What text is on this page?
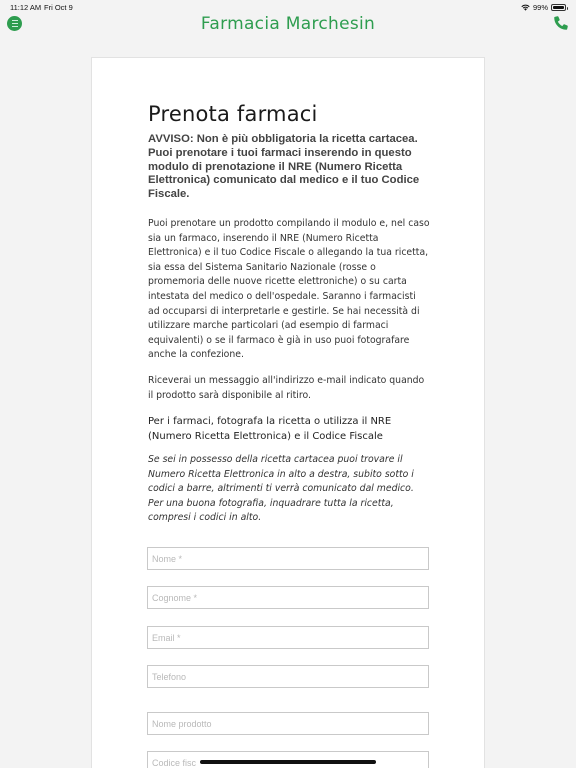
11:12 AM Fri Oct 9	99%
Farmacia Marchesin
Prenota farmaci

AVVISO: Non è più obbligatoria la ricetta cartacea. Puoi prenotare i tuoi farmaci inserendo in questo modulo di prenotazione il NRE (Numero Ricetta Elettronica) comunicato dal medico e il tuo Codice Fiscale.

Puoi prenotare un prodotto compilando il modulo e, nel caso sia un farmaco, inserendo il NRE (Numero Ricetta Elettronica) e il tuo Codice Fiscale o allegando la tua ricetta, sia essa del Sistema Sanitario Nazionale (rosse o promemoria delle nuove ricette elettroniche) o su carta intestata del medico o dell'ospedale. Saranno i farmacisti ad occuparsi di interpretarle e gestirle. Se hai necessità di utilizzare marche particolari (ad esempio di farmaci equivalenti) o se il farmaco è già in uso puoi fotografare anche la confezione.

Riceverai un messaggio all'indirizzo e-mail indicato quando il prodotto sarà disponibile al ritiro.

Per i farmaci, fotografa la ricetta o utilizza il NRE (Numero Ricetta Elettronica) e il Codice Fiscale

Se sei in possesso della ricetta cartacea puoi trovare il Numero Ricetta Elettronica in alto a destra, subito sotto i codici a barre, altrimenti ti verrà comunicato dal medico. Per una buona fotografia, inquadrare tutta la ricetta, compresi i codici in alto.

Nome *
Cognome *
Email *
Telefono
Nome prodotto
Codice fisc
